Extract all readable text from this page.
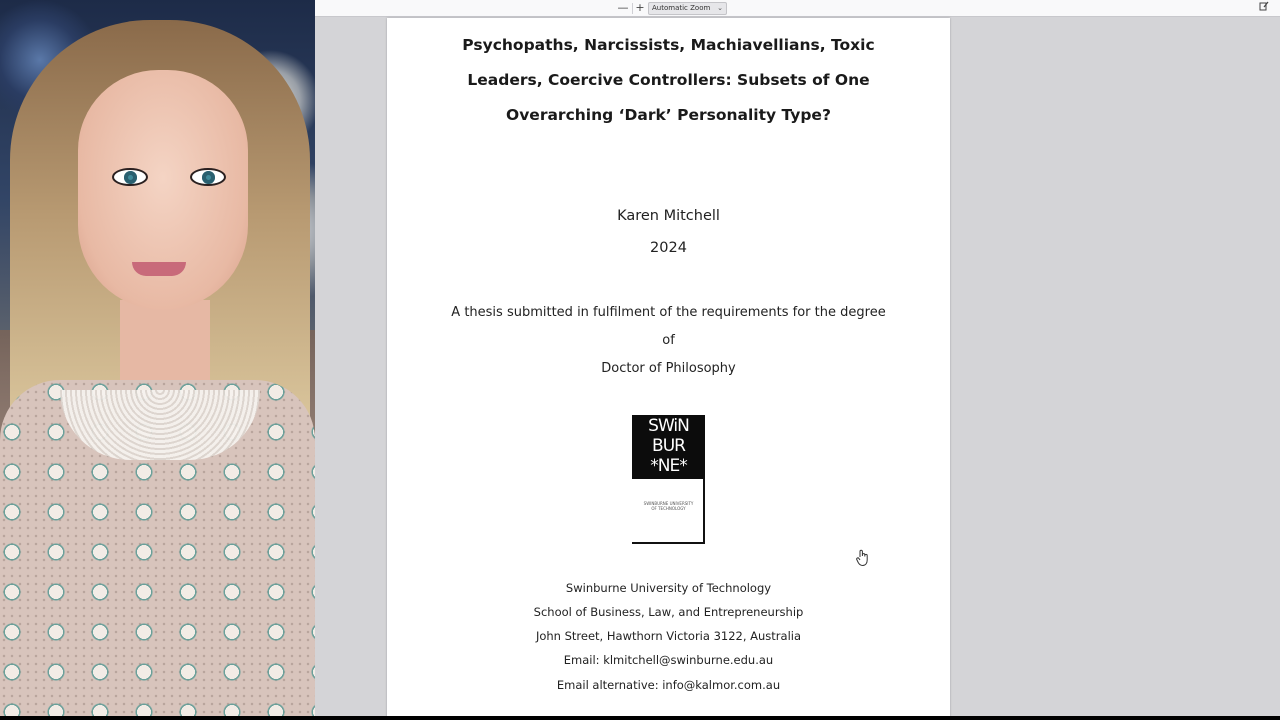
— +	Automatic Zoom ⌄
Psychopaths, Narcissists, Machiavellians, Toxic
Leaders, Coercive Controllers: Subsets of One
Overarching ‘Dark’ Personality Type?
Karen Mitchell
2024
A thesis submitted in fulfilment of the requirements for the degree
of
Doctor of Philosophy
SWiN
BUR
*NE*
SWINBURNE UNIVERSITY
OF TECHNOLOGY
Swinburne University of Technology
School of Business, Law, and Entrepreneurship
John Street, Hawthorn Victoria 3122, Australia
Email: klmitchell@swinburne.edu.au
Email alternative: info@kalmor.com.au
